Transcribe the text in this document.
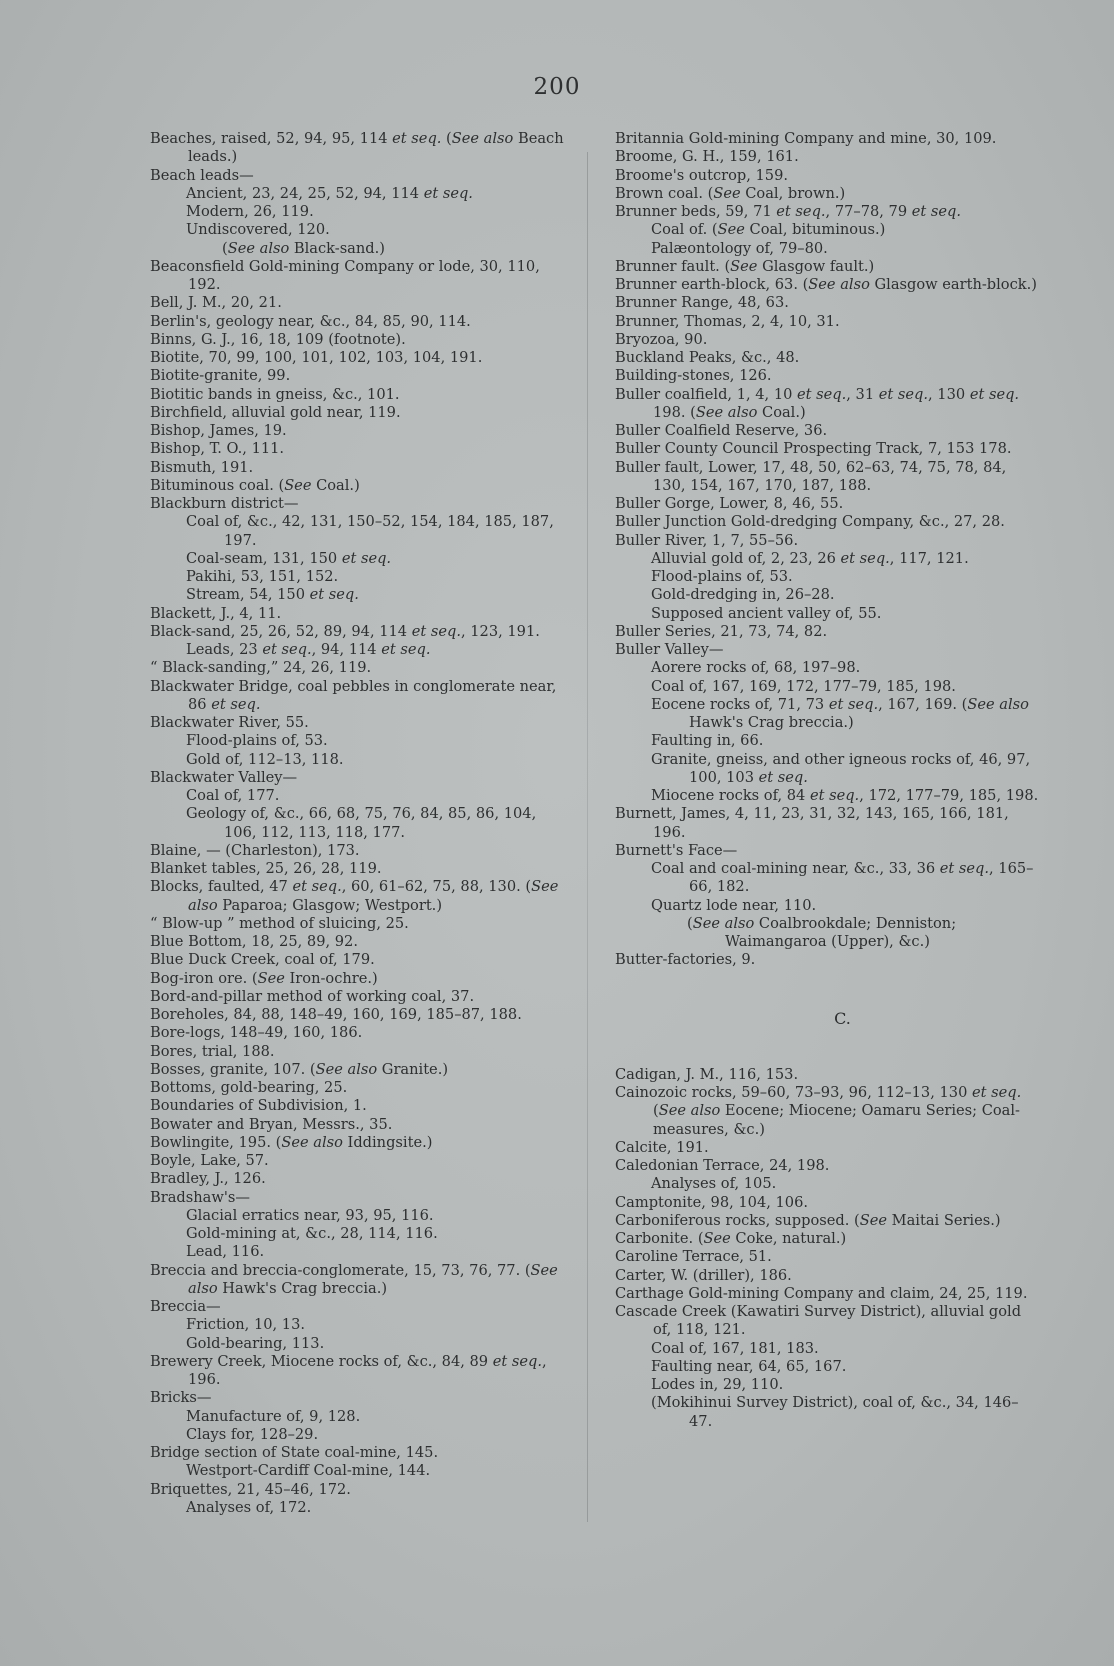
200
Beaches, raised, 52, 94, 95, 114 et seq. (See also Beach leads.)
Beach leads—
Ancient, 23, 24, 25, 52, 94, 114 et seq.
Modern, 26, 119.
Undiscovered, 120.
(See also Black-sand.)
Beaconsfield Gold-mining Company or lode, 30, 110, 192.
Bell, J. M., 20, 21.
Berlin's, geology near, &c., 84, 85, 90, 114.
Binns, G. J., 16, 18, 109 (footnote).
Biotite, 70, 99, 100, 101, 102, 103, 104, 191.
Biotite-granite, 99.
Biotitic bands in gneiss, &c., 101.
Birchfield, alluvial gold near, 119.
Bishop, James, 19.
Bishop, T. O., 111.
Bismuth, 191.
Bituminous coal. (See Coal.)
Blackburn district—
Coal of, &c., 42, 131, 150–52, 154, 184, 185, 187, 197.
Coal-seam, 131, 150 et seq.
Pakihi, 53, 151, 152.
Stream, 54, 150 et seq.
Blackett, J., 4, 11.
Black-sand, 25, 26, 52, 89, 94, 114 et seq., 123, 191.
Leads, 23 et seq., 94, 114 et seq.
“ Black-sanding,” 24, 26, 119.
Blackwater Bridge, coal pebbles in conglomerate near, 86 et seq.
Blackwater River, 55.
Flood-plains of, 53.
Gold of, 112–13, 118.
Blackwater Valley—
Coal of, 177.
Geology of, &c., 66, 68, 75, 76, 84, 85, 86, 104, 106, 112, 113, 118, 177.
Blaine, — (Charleston), 173.
Blanket tables, 25, 26, 28, 119.
Blocks, faulted, 47 et seq., 60, 61–62, 75, 88, 130. (See also Paparoa; Glasgow; Westport.)
“ Blow-up ” method of sluicing, 25.
Blue Bottom, 18, 25, 89, 92.
Blue Duck Creek, coal of, 179.
Bog-iron ore. (See Iron-ochre.)
Bord-and-pillar method of working coal, 37.
Boreholes, 84, 88, 148–49, 160, 169, 185–87, 188.
Bore-logs, 148–49, 160, 186.
Bores, trial, 188.
Bosses, granite, 107. (See also Granite.)
Bottoms, gold-bearing, 25.
Boundaries of Subdivision, 1.
Bowater and Bryan, Messrs., 35.
Bowlingite, 195. (See also Iddingsite.)
Boyle, Lake, 57.
Bradley, J., 126.
Bradshaw's—
Glacial erratics near, 93, 95, 116.
Gold-mining at, &c., 28, 114, 116.
Lead, 116.
Breccia and breccia-conglomerate, 15, 73, 76, 77. (See also Hawk's Crag breccia.)
Breccia—
Friction, 10, 13.
Gold-bearing, 113.
Brewery Creek, Miocene rocks of, &c., 84, 89 et seq., 196.
Bricks—
Manufacture of, 9, 128.
Clays for, 128–29.
Bridge section of State coal-mine, 145.
Westport-Cardiff Coal-mine, 144.
Briquettes, 21, 45–46, 172.
Analyses of, 172.
Britannia Gold-mining Company and mine, 30, 109.
Broome, G. H., 159, 161.
Broome's outcrop, 159.
Brown coal. (See Coal, brown.)
Brunner beds, 59, 71 et seq., 77–78, 79 et seq.
Coal of. (See Coal, bituminous.)
Palæontology of, 79–80.
Brunner fault. (See Glasgow fault.)
Brunner earth-block, 63. (See also Glasgow earth-block.)
Brunner Range, 48, 63.
Brunner, Thomas, 2, 4, 10, 31.
Bryozoa, 90.
Buckland Peaks, &c., 48.
Building-stones, 126.
Buller coalfield, 1, 4, 10 et seq., 31 et seq., 130 et seq. 198. (See also Coal.)
Buller Coalfield Reserve, 36.
Buller County Council Prospecting Track, 7, 153 178.
Buller fault, Lower, 17, 48, 50, 62–63, 74, 75, 78, 84, 130, 154, 167, 170, 187, 188.
Buller Gorge, Lower, 8, 46, 55.
Buller Junction Gold-dredging Company, &c., 27, 28.
Buller River, 1, 7, 55–56.
Alluvial gold of, 2, 23, 26 et seq., 117, 121.
Flood-plains of, 53.
Gold-dredging in, 26–28.
Supposed ancient valley of, 55.
Buller Series, 21, 73, 74, 82.
Buller Valley—
Aorere rocks of, 68, 197–98.
Coal of, 167, 169, 172, 177–79, 185, 198.
Eocene rocks of, 71, 73 et seq., 167, 169. (See also Hawk's Crag breccia.)
Faulting in, 66.
Granite, gneiss, and other igneous rocks of, 46, 97, 100, 103 et seq.
Miocene rocks of, 84 et seq., 172, 177–79, 185, 198.
Burnett, James, 4, 11, 23, 31, 32, 143, 165, 166, 181, 196.
Burnett's Face—
Coal and coal-mining near, &c., 33, 36 et seq., 165–66, 182.
Quartz lode near, 110.
(See also Coalbrookdale; Denniston; Waimangaroa (Upper), &c.)
Butter-factories, 9.
C.
Cadigan, J. M., 116, 153.
Cainozoic rocks, 59–60, 73–93, 96, 112–13, 130 et seq. (See also Eocene; Miocene; Oamaru Series; Coal-measures, &c.)
Calcite, 191.
Caledonian Terrace, 24, 198.
Analyses of, 105.
Camptonite, 98, 104, 106.
Carboniferous rocks, supposed. (See Maitai Series.)
Carbonite. (See Coke, natural.)
Caroline Terrace, 51.
Carter, W. (driller), 186.
Carthage Gold-mining Company and claim, 24, 25, 119.
Cascade Creek (Kawatiri Survey District), alluvial gold of, 118, 121.
Coal of, 167, 181, 183.
Faulting near, 64, 65, 167.
Lodes in, 29, 110.
(Mokihinui Survey District), coal of, &c., 34, 146–47.
